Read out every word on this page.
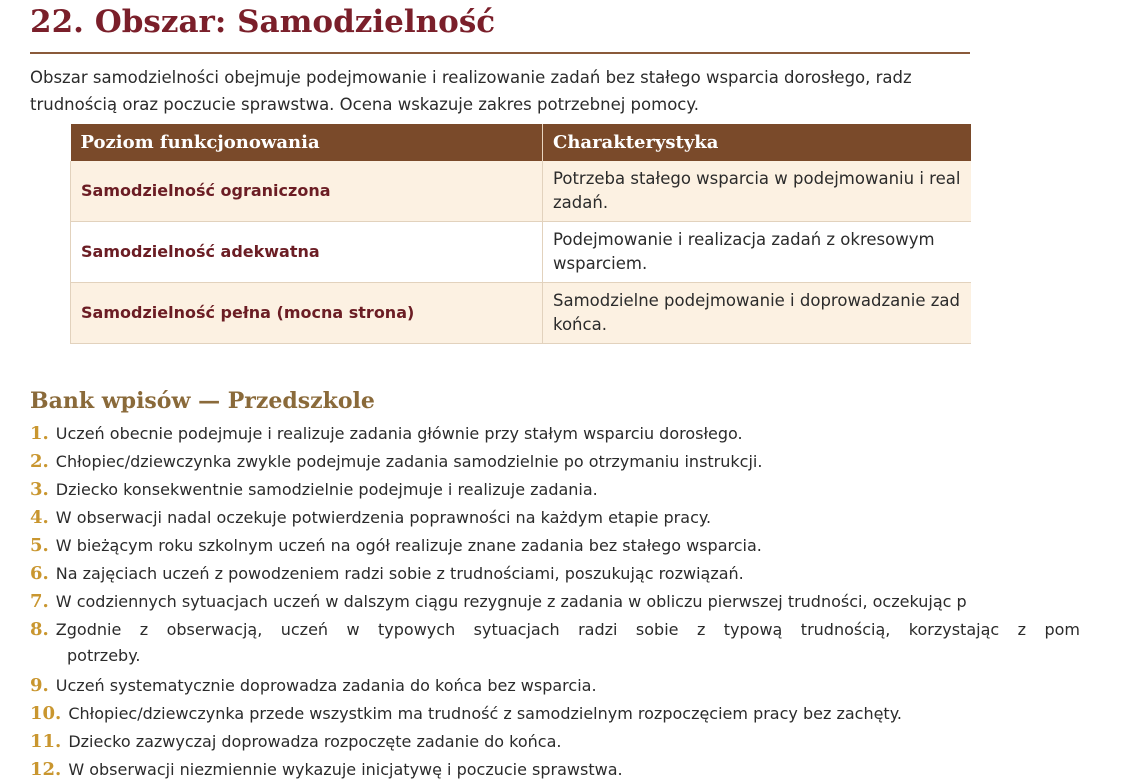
22. Obszar: Samodzielność

Obszar samodzielności obejmuje podejmowanie i realizowanie zadań bez stałego wsparcia dorosłego, radz
trudnością oraz poczucie sprawstwa. Ocena wskazuje zakres potrzebnej pomocy.

Poziom funkcjonowania	Charakterystyka
Samodzielność ograniczona	Potrzeba stałego wsparcia w podejmowaniu i real
zadań.

Samodzielność adekwatna	Podejmowanie i realizacja zadań z okresowym
wsparciem.

Samodzielność pełna (mocna strona)	Samodzielne podejmowanie i doprowadzanie zad
końca.
Bank wpisów — Przedszkole
1. Uczeń obecnie podejmuje i realizuje zadania głównie przy stałym wsparciu dorosłego.
2. Chłopiec/dziewczynka zwykle podejmuje zadania samodzielnie po otrzymaniu instrukcji.
3. Dziecko konsekwentnie samodzielnie podejmuje i realizuje zadania.
4. W obserwacji nadal oczekuje potwierdzenia poprawności na każdym etapie pracy.
5. W bieżącym roku szkolnym uczeń na ogół realizuje znane zadania bez stałego wsparcia.
6. Na zajęciach uczeń z powodzeniem radzi sobie z trudnościami, poszukując rozwiązań.
7. W codziennych sytuacjach uczeń w dalszym ciągu rezygnuje z zadania w obliczu pierwszej trudności, oczekując p
8. Zgodnie z obserwacją, uczeń w typowych sytuacjach radzi sobie z typową trudnością, korzystając z pom
potrzeby.
9. Uczeń systematycznie doprowadza zadania do końca bez wsparcia.
10. Chłopiec/dziewczynka przede wszystkim ma trudność z samodzielnym rozpoczęciem pracy bez zachęty.
11. Dziecko zazwyczaj doprowadza rozpoczęte zadanie do końca.
12. W obserwacji niezmiennie wykazuje inicjatywę i poczucie sprawstwa.
